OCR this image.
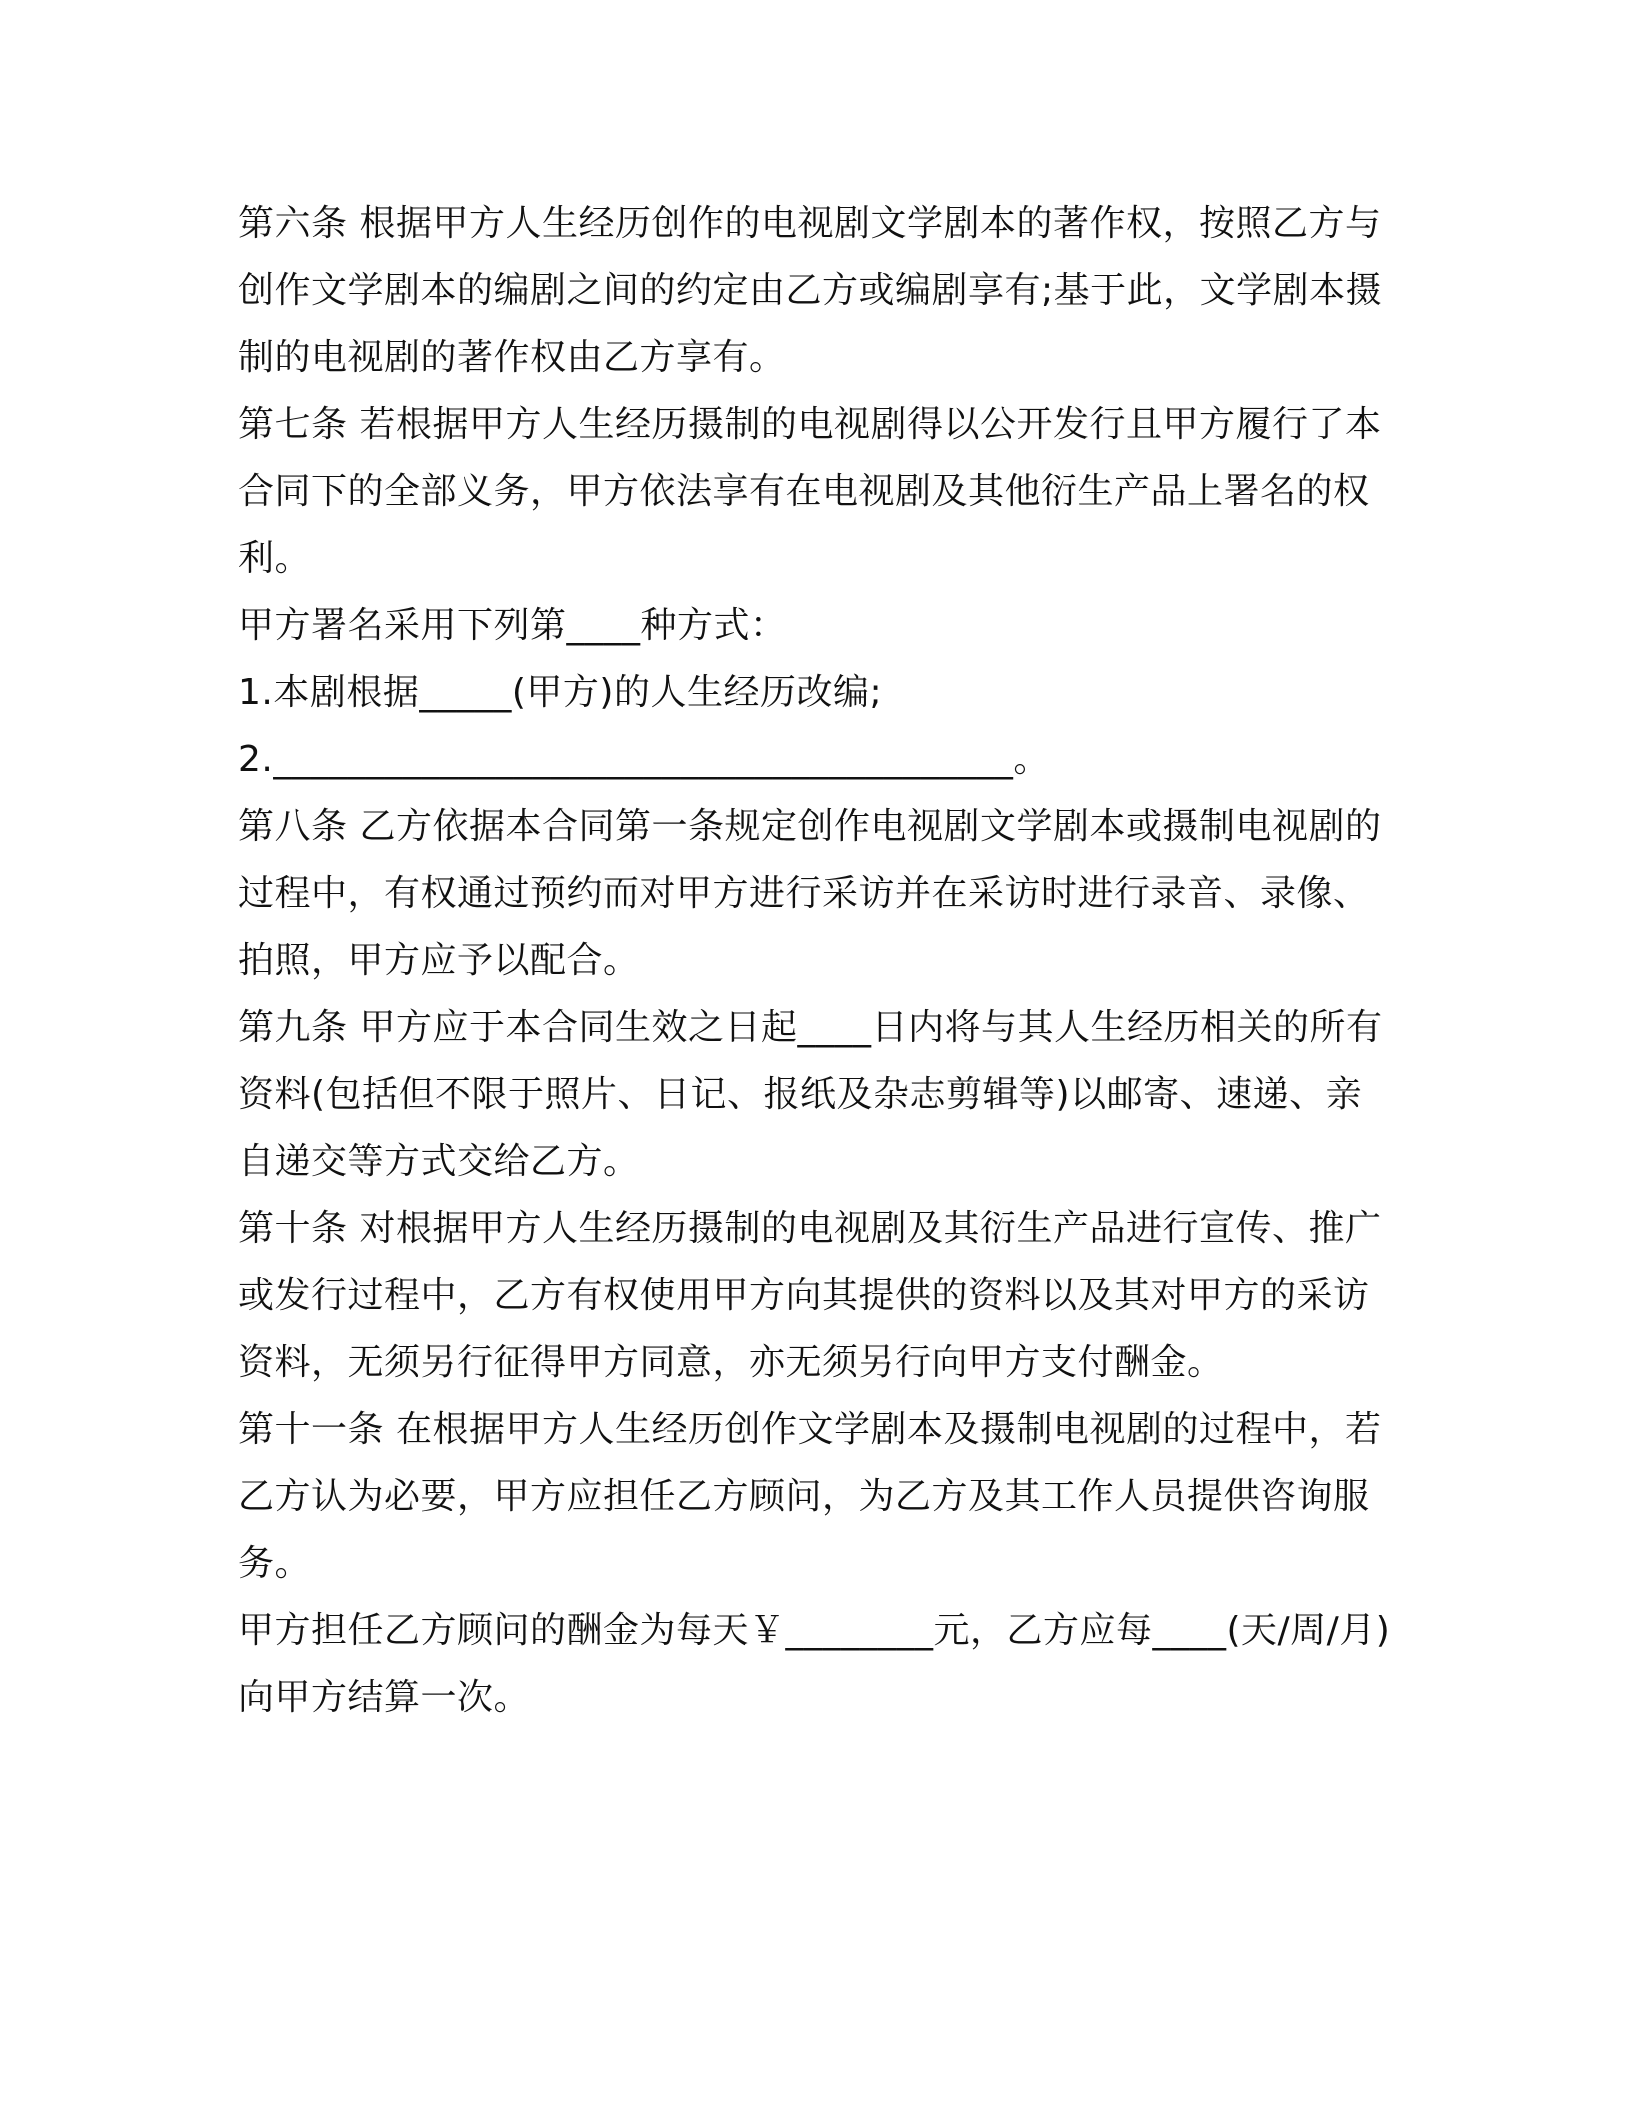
第六条 根据甲方人生经历创作的电视剧文学剧本的著作权，按照乙方与创作文学剧本的编剧之间的约定由乙方或编剧享有;基于此，文学剧本摄制的电视剧的著作权由乙方享有。

第七条 若根据甲方人生经历摄制的电视剧得以公开发行且甲方履行了本合同下的全部义务，甲方依法享有在电视剧及其他衍生产品上署名的权利。

甲方署名采用下列第____种方式：

1.本剧根据_____(甲方)的人生经历改编;

2.________________________________________。

第八条 乙方依据本合同第一条规定创作电视剧文学剧本或摄制电视剧的过程中，有权通过预约而对甲方进行采访并在采访时进行录音、录像、拍照，甲方应予以配合。

第九条 甲方应于本合同生效之日起____日内将与其人生经历相关的所有资料(包括但不限于照片、日记、报纸及杂志剪辑等)以邮寄、速递、亲自递交等方式交给乙方。

第十条 对根据甲方人生经历摄制的电视剧及其衍生产品进行宣传、推广或发行过程中，乙方有权使用甲方向其提供的资料以及其对甲方的采访资料，无须另行征得甲方同意，亦无须另行向甲方支付酬金。

第十一条 在根据甲方人生经历创作文学剧本及摄制电视剧的过程中，若乙方认为必要，甲方应担任乙方顾问，为乙方及其工作人员提供咨询服务。

甲方担任乙方顾问的酬金为每天￥________元，乙方应每____(天/周/月)向甲方结算一次。
